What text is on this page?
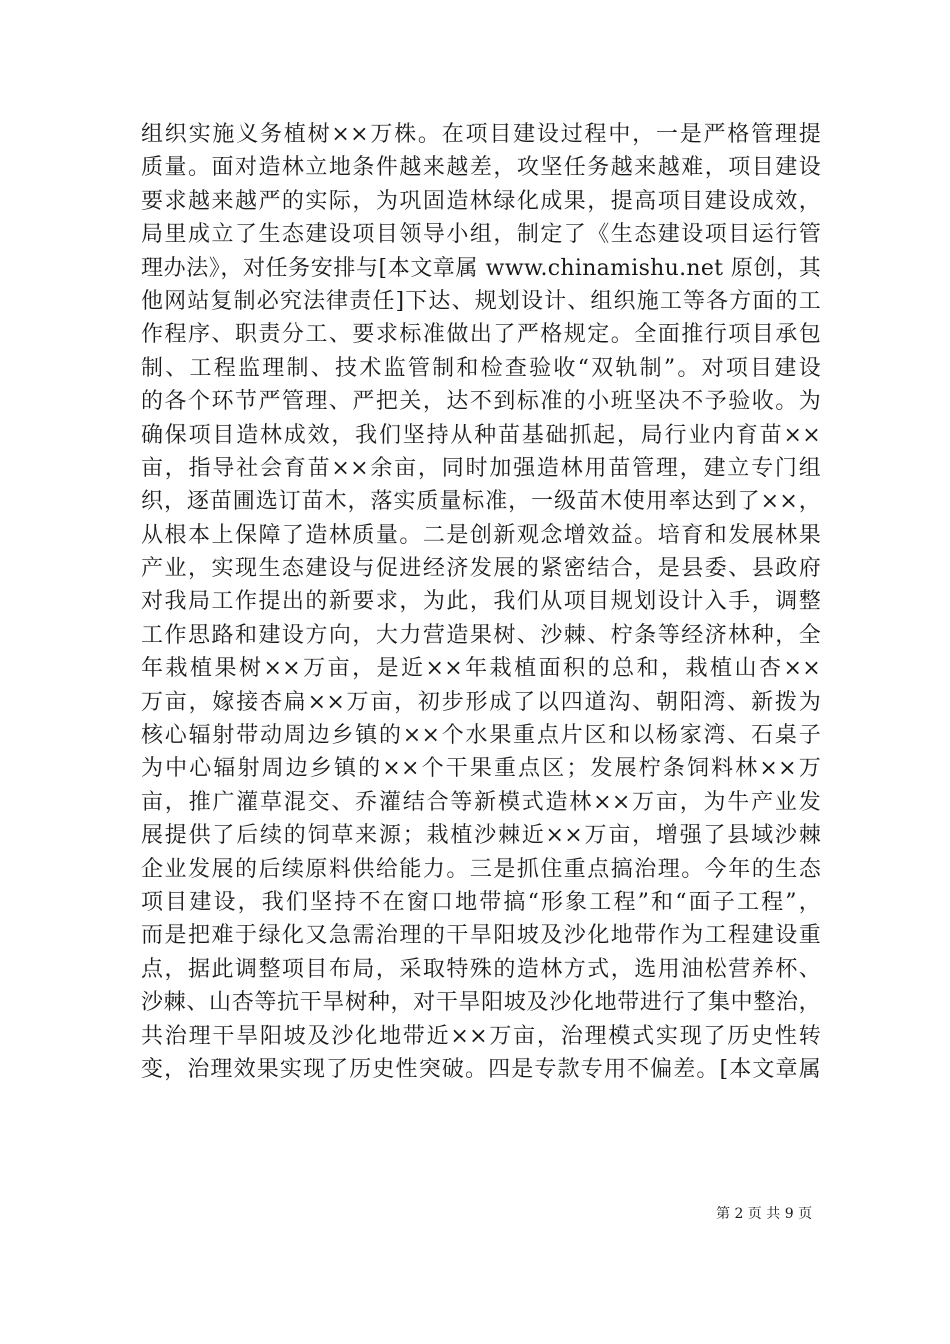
组织实施义务植树××万株。在项目建设过程中，一是严格管理提
质量。面对造林立地条件越来越差，攻坚任务越来越难，项目建设
要求越来越严的实际，为巩固造林绿化成果，提高项目建设成效，
局里成立了生态建设项目领导小组，制定了《生态建设项目运行管
理办法》，对任务安排与[本文章属 www.chinamishu.net 原创，其
他网站复制必究法律责任]下达、规划设计、组织施工等各方面的工
作程序、职责分工、要求标准做出了严格规定。全面推行项目承包
制、工程监理制、技术监管制和检查验收“双轨制”。对项目建设
的各个环节严管理、严把关，达不到标准的小班坚决不予验收。为
确保项目造林成效，我们坚持从种苗基础抓起，局行业内育苗××
亩，指导社会育苗××余亩，同时加强造林用苗管理，建立专门组
织，逐苗圃选订苗木，落实质量标准，一级苗木使用率达到了××，
从根本上保障了造林质量。二是创新观念增效益。培育和发展林果
产业，实现生态建设与促进经济发展的紧密结合，是县委、县政府
对我局工作提出的新要求，为此，我们从项目规划设计入手，调整
工作思路和建设方向，大力营造果树、沙棘、柠条等经济林种，全
年栽植果树××万亩，是近××年栽植面积的总和，栽植山杏××
万亩，嫁接杏扁××万亩，初步形成了以四道沟、朝阳湾、新拨为
核心辐射带动周边乡镇的××个水果重点片区和以杨家湾、石桌子
为中心辐射周边乡镇的××个干果重点区；发展柠条饲料林××万
亩，推广灌草混交、乔灌结合等新模式造林××万亩，为牛产业发
展提供了后续的饲草来源；栽植沙棘近××万亩，增强了县域沙棘
企业发展的后续原料供给能力。三是抓住重点搞治理。今年的生态
项目建设，我们坚持不在窗口地带搞“形象工程”和“面子工程”，
而是把难于绿化又急需治理的干旱阳坡及沙化地带作为工程建设重
点，据此调整项目布局，采取特殊的造林方式，选用油松营养杯、
沙棘、山杏等抗干旱树种，对干旱阳坡及沙化地带进行了集中整治，
共治理干旱阳坡及沙化地带近××万亩，治理模式实现了历史性转
变，治理效果实现了历史性突破。四是专款专用不偏差。[本文章属
第 2 页 共 9 页
